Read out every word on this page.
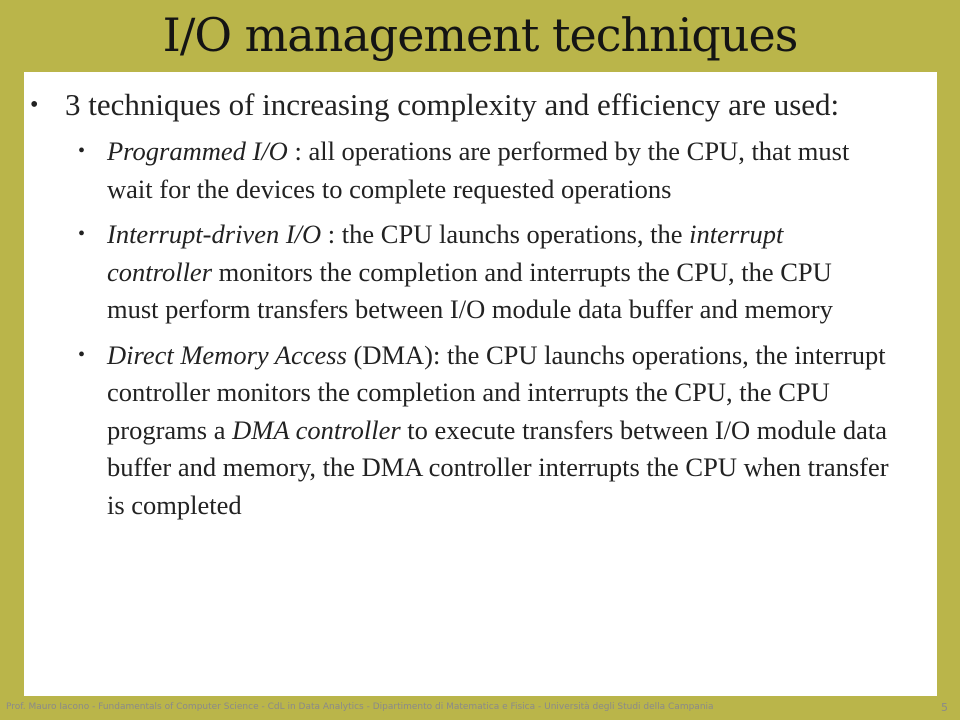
I/O management techniques
• 3 techniques of increasing complexity and efficiency are used:
• Programmed I/O : all operations are performed by the CPU, that must wait for the devices to complete requested operations
• Interrupt-driven I/O : the CPU launchs operations, the interrupt controller monitors the completion and interrupts the CPU, the CPU must perform transfers between I/O module data buffer and memory
• Direct Memory Access (DMA): the CPU launchs operations, the interrupt controller monitors the completion and interrupts the CPU, the CPU programs a DMA controller to execute transfers between I/O module data buffer and memory, the DMA controller interrupts the CPU when transfer is completed
Prof. Mauro Iacono - Fundamentals of Computer Science - CdL in Data Analytics - Dipartimento di Matematica e Fisica - Università degli Studi della Campania	5
